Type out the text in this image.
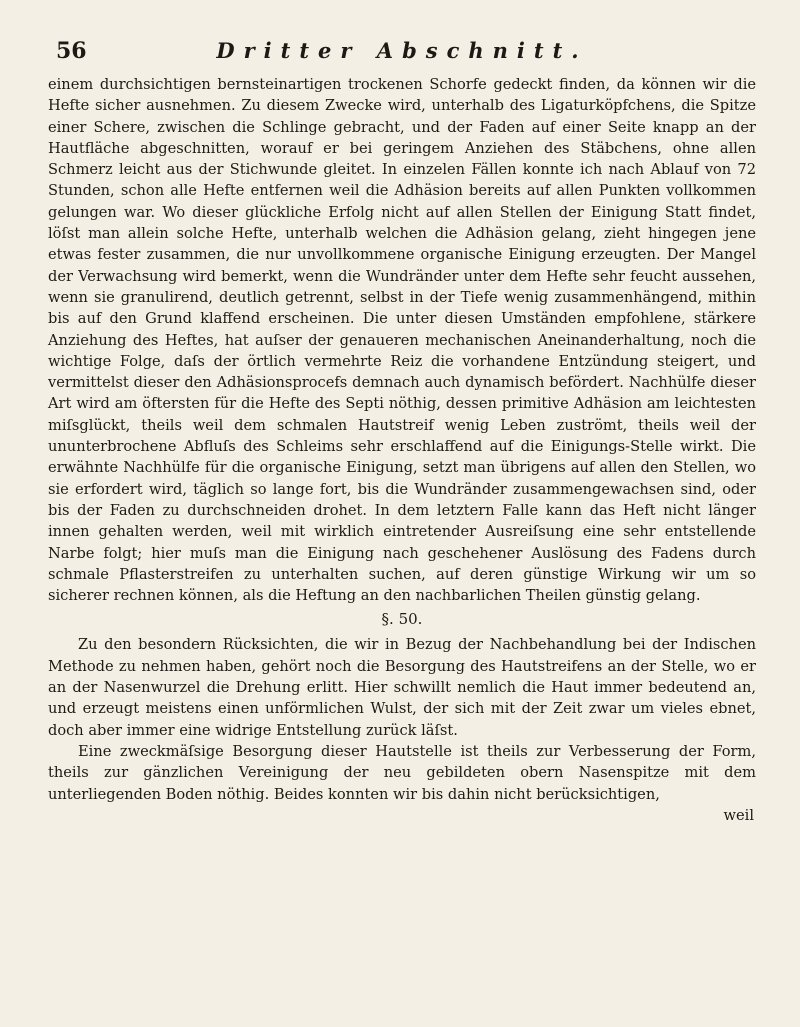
56	Dritter Abschnitt.

einem durchsichtigen bernsteinartigen trockenen Schorfe gedeckt finden, da können wir die Hefte sicher ausnehmen. Zu diesem Zwecke wird, unterhalb des Ligaturköpfchens, die Spitze einer Schere, zwischen die Schlinge gebracht, und der Faden auf einer Seite knapp an der Hautfläche abgeschnitten, worauf er bei geringem Anziehen des Stäbchens, ohne allen Schmerz leicht aus der Stichwunde gleitet. In einzelen Fällen konnte ich nach Ablauf von 72 Stunden, schon alle Hefte entfernen weil die Adhäsion bereits auf allen Punkten vollkommen gelungen war. Wo dieser glückliche Erfolg nicht auf allen Stellen der Einigung Statt findet, löſst man allein solche Hefte, unterhalb welchen die Adhäsion gelang, zieht hingegen jene etwas fester zusammen, die nur unvollkommene organische Einigung erzeugten. Der Mangel der Verwachsung wird bemerkt, wenn die Wundränder unter dem Hefte sehr feucht aussehen, wenn sie granulirend, deutlich getrennt, selbst in der Tiefe wenig zusammenhängend, mithin bis auf den Grund klaffend erscheinen. Die unter diesen Umständen empfohlene, stärkere Anziehung des Heftes, hat auſser der genaueren mechanischen Aneinanderhaltung, noch die wichtige Folge, daſs der örtlich vermehrte Reiz die vorhandene Entzündung steigert, und vermittelst dieser den Adhäsionsprocefs demnach auch dynamisch befördert. Nachhülfe dieser Art wird am öftersten für die Hefte des Septi nöthig, dessen primitive Adhäsion am leichtesten miſsglückt, theils weil dem schmalen Hautstreif wenig Leben zuströmt, theils weil der ununterbrochene Abfluſs des Schleims sehr erschlaffend auf die Einigungs-Stelle wirkt. Die erwähnte Nachhülfe für die organische Einigung, setzt man übrigens auf allen den Stellen, wo sie erfordert wird, täglich so lange fort, bis die Wundränder zusammengewachsen sind, oder bis der Faden zu durchschneiden drohet. In dem letztern Falle kann das Heft nicht länger innen gehalten werden, weil mit wirklich eintretender Ausreiſsung eine sehr entstellende Narbe folgt; hier muſs man die Einigung nach geschehener Auslösung des Fadens durch schmale Pflasterstreifen zu unterhalten suchen, auf deren günstige Wirkung wir um so sicherer rechnen können, als die Heftung an den nachbarlichen Theilen günstig gelang.

§. 50.

Zu den besondern Rücksichten, die wir in Bezug der Nachbehandlung bei der Indischen Methode zu nehmen haben, gehört noch die Besorgung des Hautstreifens an der Stelle, wo er an der Nasenwurzel die Drehung erlitt. Hier schwillt nemlich die Haut immer bedeutend an, und erzeugt meistens einen unförmlichen Wulst, der sich mit der Zeit zwar um vieles ebnet, doch aber immer eine widrige Entstellung zurück läſst.

Eine zweckmäſsige Besorgung dieser Hautstelle ist theils zur Verbesserung der Form, theils zur gänzlichen Vereinigung der neu gebildeten obern Nasenspitze mit dem unterliegenden Boden nöthig. Beides konnten wir bis dahin nicht berücksichtigen,

weil
